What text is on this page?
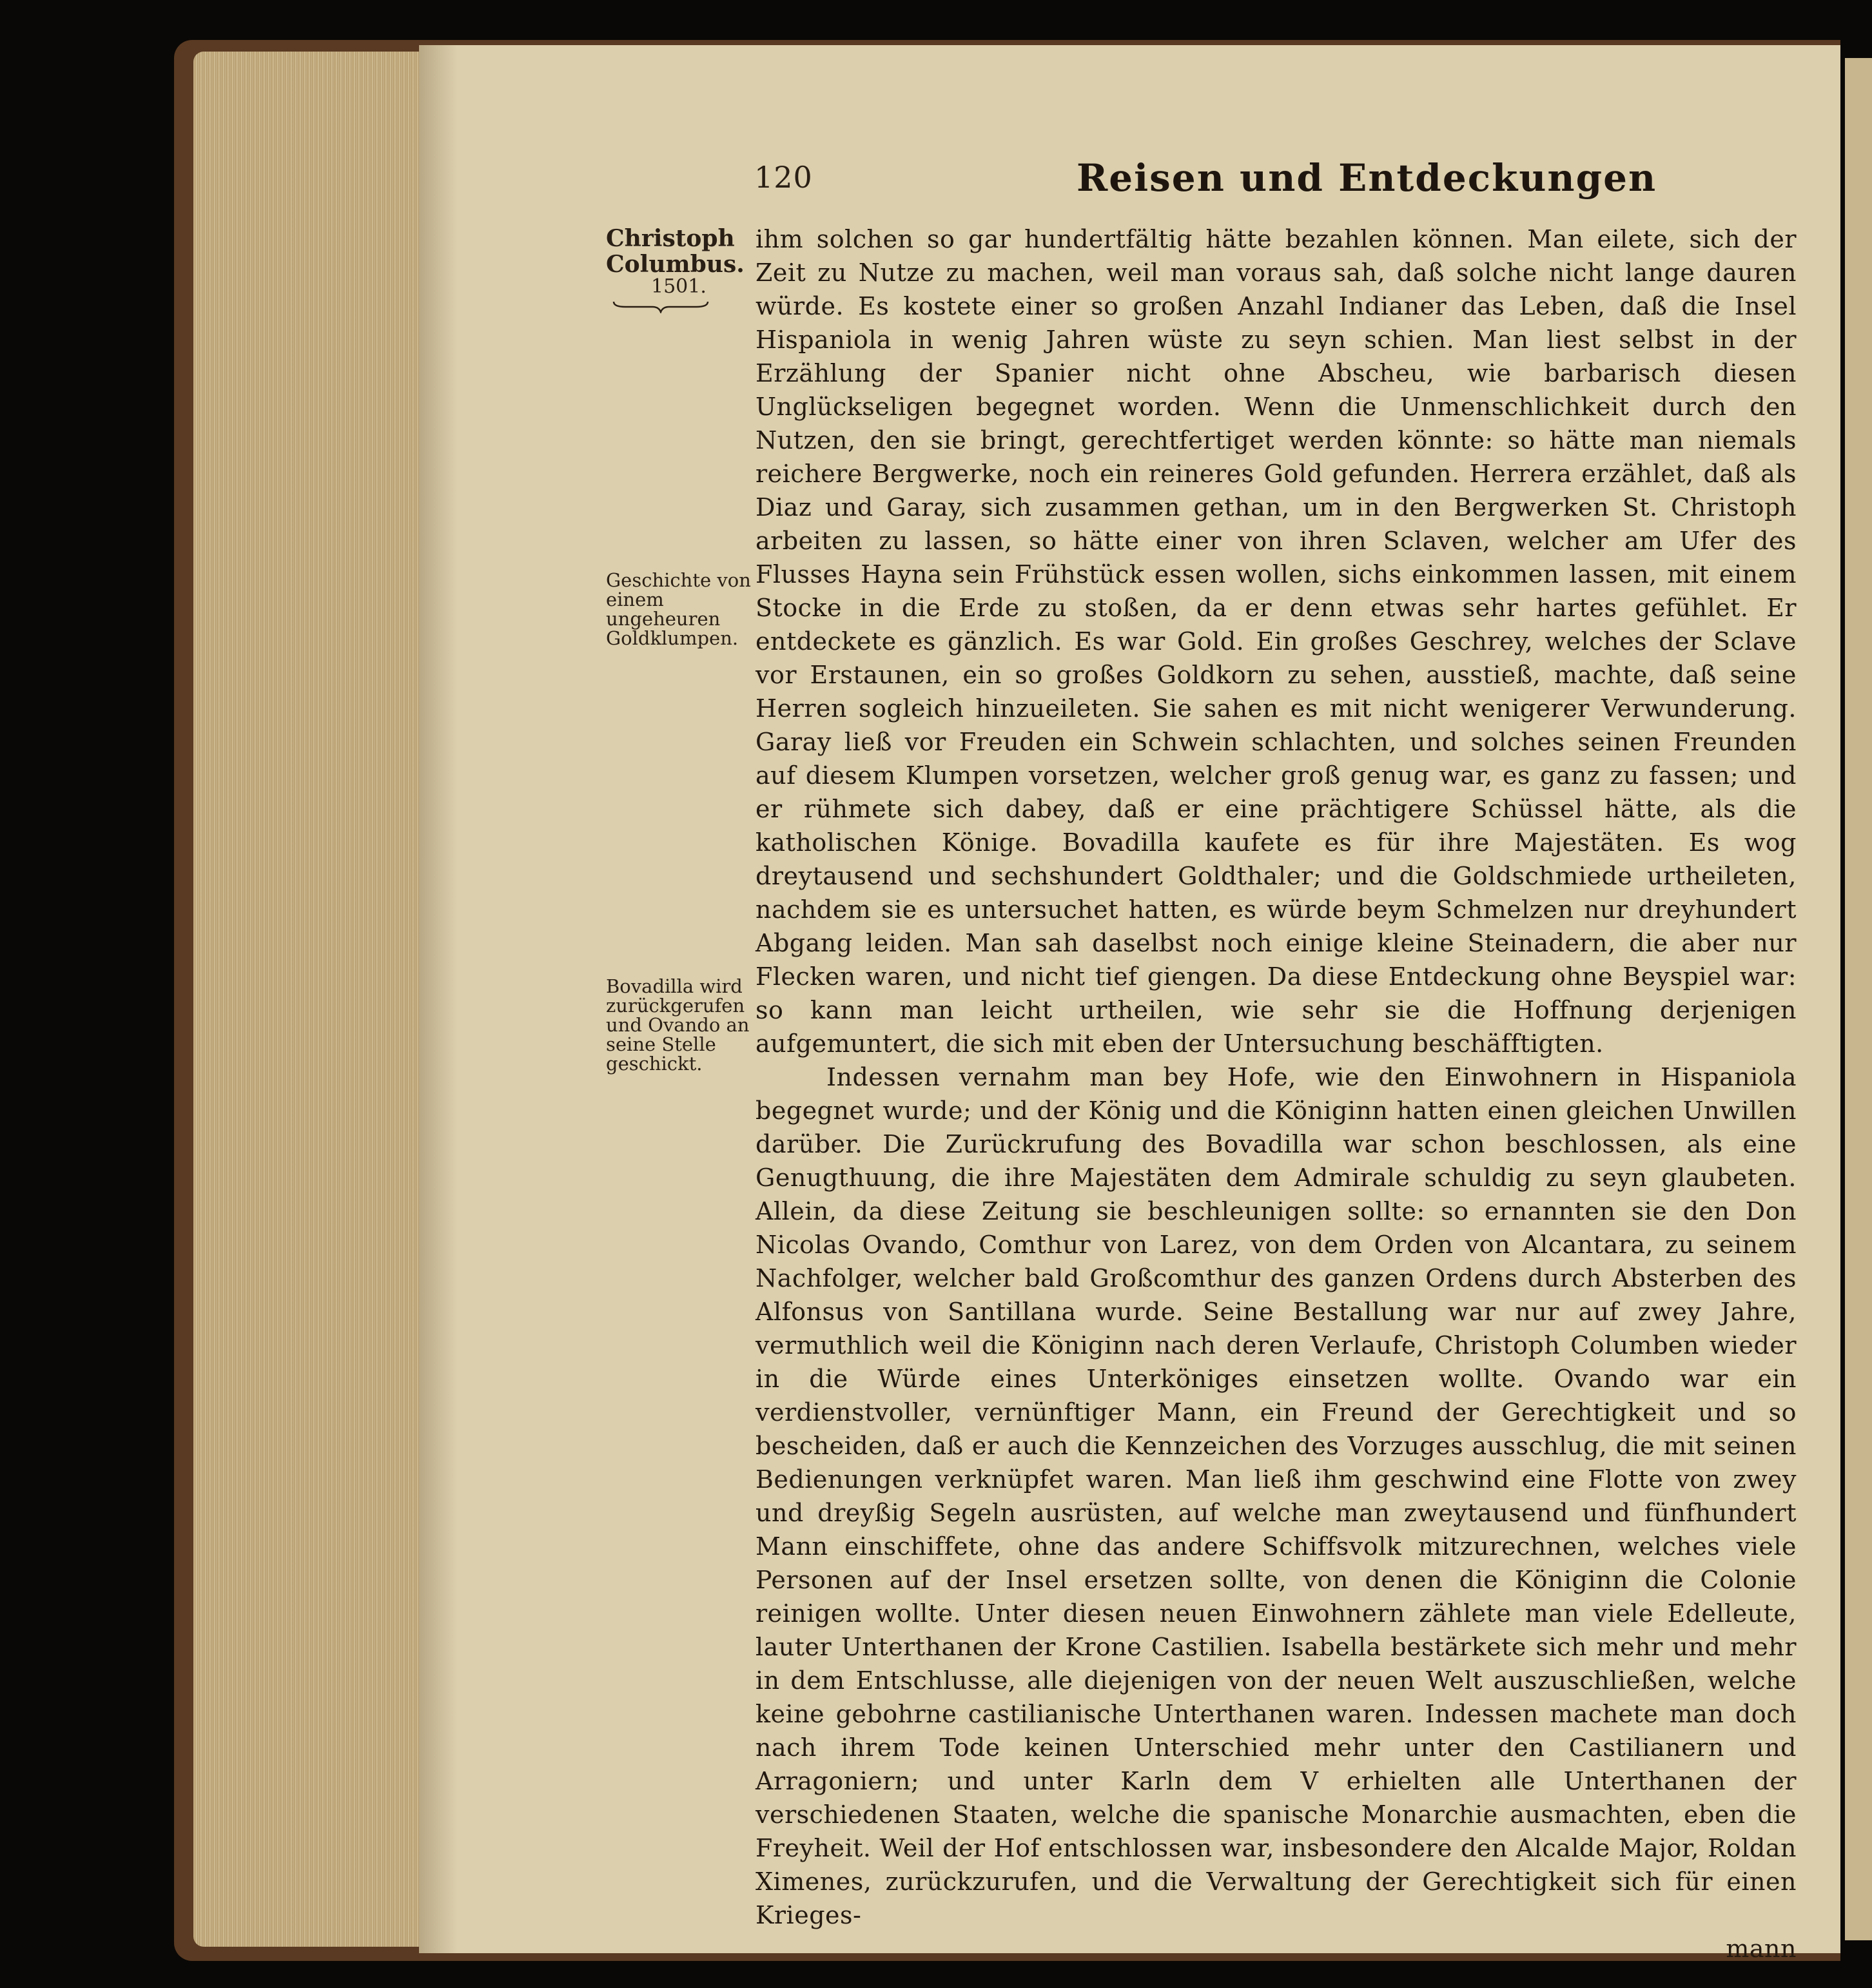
120	Reisen und Entdeckungen
Christoph
Columbus.
1501.
Geschichte von einem ungeheuren Goldklumpen.
Bovadilla wird zurückgerufen und Ovando an seine Stelle geschickt.

ihm solchen so gar hundertfältig hätte bezahlen können. Man eilete, sich der Zeit zu Nutze zu machen, weil man voraus sah, daß solche nicht lange dauren würde. Es kostete einer so großen Anzahl Indianer das Leben, daß die Insel Hispaniola in wenig Jahren wüste zu seyn schien. Man liest selbst in der Erzählung der Spanier nicht ohne Abscheu, wie barbarisch diesen Unglückseligen begegnet worden. Wenn die Unmenschlichkeit durch den Nutzen, den sie bringt, gerechtfertiget werden könnte: so hätte man niemals reichere Bergwerke, noch ein reineres Gold gefunden. Herrera erzählet, daß als Diaz und Garay, sich zusammen gethan, um in den Bergwerken St. Christoph arbeiten zu lassen, so hätte einer von ihren Sclaven, welcher am Ufer des Flusses Hayna sein Frühstück essen wollen, sichs einkommen lassen, mit einem Stocke in die Erde zu stoßen, da er denn etwas sehr hartes gefühlet. Er entdeckete es gänzlich. Es war Gold. Ein großes Geschrey, welches der Sclave vor Erstaunen, ein so großes Goldkorn zu sehen, ausstieß, machte, daß seine Herren sogleich hinzueileten. Sie sahen es mit nicht wenigerer Verwunderung. Garay ließ vor Freuden ein Schwein schlachten, und solches seinen Freunden auf diesem Klumpen vorsetzen, welcher groß genug war, es ganz zu fassen; und er rühmete sich dabey, daß er eine prächtigere Schüssel hätte, als die katholischen Könige. Bovadilla kaufete es für ihre Majestäten. Es wog dreytausend und sechshundert Goldthaler; und die Goldschmiede urtheileten, nachdem sie es untersuchet hatten, es würde beym Schmelzen nur dreyhundert Abgang leiden. Man sah daselbst noch einige kleine Steinadern, die aber nur Flecken waren, und nicht tief giengen. Da diese Entdeckung ohne Beyspiel war: so kann man leicht urtheilen, wie sehr sie die Hoffnung derjenigen aufgemuntert, die sich mit eben der Untersuchung beschäfftigten.

Indessen vernahm man bey Hofe, wie den Einwohnern in Hispaniola begegnet wurde; und der König und die Königinn hatten einen gleichen Unwillen darüber. Die Zurückrufung des Bovadilla war schon beschlossen, als eine Genugthuung, die ihre Majestäten dem Admirale schuldig zu seyn glaubeten. Allein, da diese Zeitung sie beschleunigen sollte: so ernannten sie den Don Nicolas Ovando, Comthur von Larez, von dem Orden von Alcantara, zu seinem Nachfolger, welcher bald Großcomthur des ganzen Ordens durch Absterben des Alfonsus von Santillana wurde. Seine Bestallung war nur auf zwey Jahre, vermuthlich weil die Königinn nach deren Verlaufe, Christoph Columben wieder in die Würde eines Unterköniges einsetzen wollte. Ovando war ein verdienstvoller, vernünftiger Mann, ein Freund der Gerechtigkeit und so bescheiden, daß er auch die Kennzeichen des Vorzuges ausschlug, die mit seinen Bedienungen verknüpfet waren. Man ließ ihm geschwind eine Flotte von zwey und dreyßig Segeln ausrüsten, auf welche man zweytausend und fünfhundert Mann einschiffete, ohne das andere Schiffsvolk mitzurechnen, welches viele Personen auf der Insel ersetzen sollte, von denen die Königinn die Colonie reinigen wollte. Unter diesen neuen Einwohnern zählete man viele Edelleute, lauter Unterthanen der Krone Castilien. Isabella bestärkete sich mehr und mehr in dem Entschlusse, alle diejenigen von der neuen Welt auszuschließen, welche keine gebohrne castilianische Unterthanen waren. Indessen machete man doch nach ihrem Tode keinen Unterschied mehr unter den Castilianern und Arragoniern; und unter Karln dem V erhielten alle Unterthanen der verschiedenen Staaten, welche die spanische Monarchie ausmachten, eben die Freyheit. Weil der Hof entschlossen war, insbesondere den Alcalde Major, Roldan Ximenes, zurückzurufen, und die Verwaltung der Gerechtigkeit sich für einen Krieges-

mann
